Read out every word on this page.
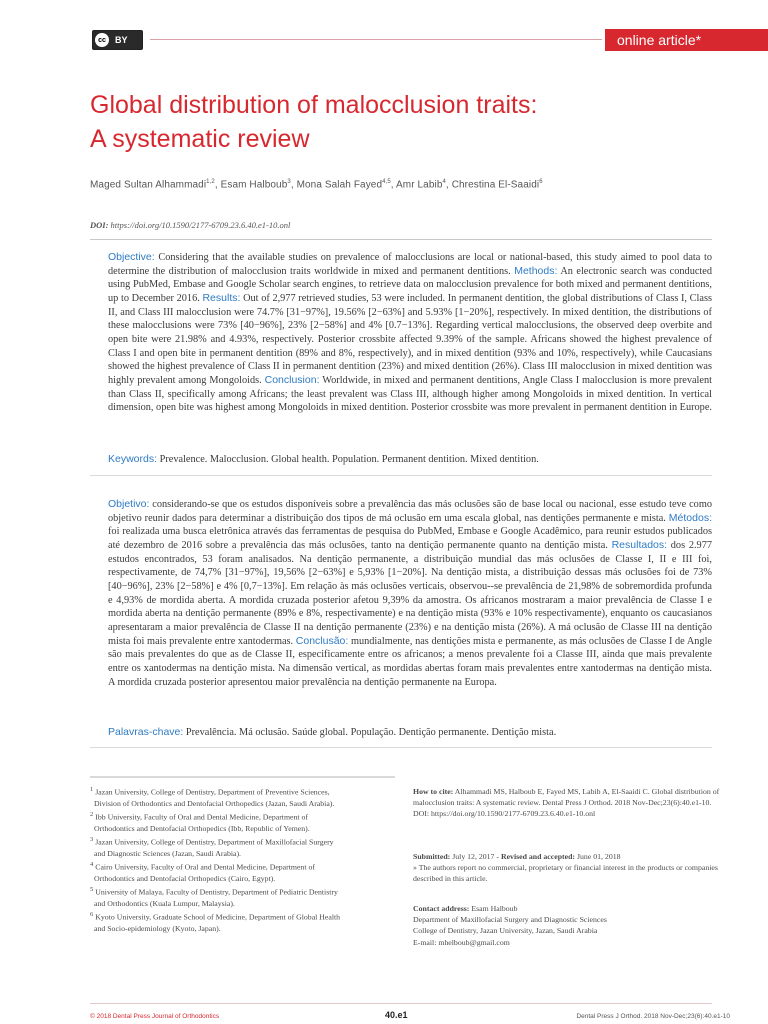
cc	BY	online article*
Global distribution of malocclusion traits:
A systematic review
Maged Sultan Alhammadi$^{1,2}$, Esam Halboub$^3$, Mona Salah Fayed$^{4,5}$, Amr Labib$^4$, Chrestina El-Saaidi$^6$
DOI: https://doi.org/10.1590/2177-6709.23.6.40.e1-10.onl
Objective: Considering that the available studies on prevalence of malocclusions are local or national-based, this study aimed to pool data to determine the distribution of malocclusion traits worldwide in mixed and permanent dentitions. Methods: An electronic search was conducted using PubMed, Embase and Google Scholar search engines, to retrieve data on malocclusion prevalence for both mixed and permanent dentitions, up to December 2016. Results: Out of 2,977 retrieved studies, 53 were included. In permanent dentition, the global distributions of Class I, Class II, and Class III malocclusion were 74.7% [31−97%], 19.56% [2−63%] and 5.93% [1−20%], respectively. In mixed dentition, the distributions of these malocclusions were 73% [40−96%], 23% [2−58%] and 4% [0.7−13%]. Regarding vertical malocclusions, the observed deep overbite and open bite were 21.98% and 4.93%, respectively. Posterior crossbite affected 9.39% of the sample. Africans showed the highest prevalence of Class I and open bite in permanent dentition (89% and 8%, respectively), and in mixed dentition (93% and 10%, respectively), while Caucasians showed the highest prevalence of Class II in permanent dentition (23%) and mixed dentition (26%). Class III malocclusion in mixed dentition was highly prevalent among Mongoloids. Conclusion: Worldwide, in mixed and permanent dentitions, Angle Class I malocclusion is more prevalent than Class II, specifically among Africans; the least prevalent was Class III, although higher among Mongoloids in mixed dentition. In vertical dimension, open bite was highest among Mongoloids in mixed dentition. Posterior crossbite was more prevalent in permanent dentition in Europe.
Keywords: Prevalence. Malocclusion. Global health. Population. Permanent dentition. Mixed dentition.
Objetivo: considerando-se que os estudos disponíveis sobre a prevalência das más oclusões são de base local ou nacional, esse estudo teve como objetivo reunir dados para determinar a distribuição dos tipos de má oclusão em uma escala global, nas dentições permanente e mista. Métodos: foi realizada uma busca eletrônica através das ferramentas de pesquisa do PubMed, Embase e Google Acadêmico, para reunir estudos publicados até dezembro de 2016 sobre a prevalência das más oclusões, tanto na dentição permanente quanto na dentição mista. Resultados: dos 2.977 estudos encontrados, 53 foram analisados. Na dentição permanente, a distribuição mundial das más oclusões de Classe I, II e III foi, respectivamente, de 74,7% [31−97%], 19,56% [2−63%] e 5,93% [1−20%]. Na dentição mista, a distribuição dessas más oclusões foi de 73% [40−96%], 23% [2−58%] e 4% [0,7−13%]. Em relação às más oclusões verticais, observou--se prevalência de 21,98% de sobremordida profunda e 4,93% de mordida aberta. A mordida cruzada posterior afetou 9,39% da amostra. Os africanos mostraram a maior prevalência de Classe I e mordida aberta na dentição permanente (89% e 8%, respectivamente) e na dentição mista (93% e 10% respectivamente), enquanto os caucasianos apresentaram a maior prevalência de Classe II na dentição permanente (23%) e na dentição mista (26%). A má oclusão de Classe III na dentição mista foi mais prevalente entre xantodermas. Conclusão: mundialmente, nas dentições mista e permanente, as más oclusões de Classe I de Angle são mais prevalentes do que as de Classe II, especificamente entre os africanos; a menos prevalente foi a Classe III, ainda que mais prevalente entre os xantodermas na dentição mista. Na dimensão vertical, as mordidas abertas foram mais prevalentes entre xantodermas na dentição mista. A mordida cruzada posterior apresentou maior prevalência na dentição permanente na Europa.
Palavras-chave: Prevalência. Má oclusão. Saúde global. População. Dentição permanente. Dentição mista.
$^1$ Jazan University, College of Dentistry, Department of Preventive Sciences,
Division of Orthodontics and Dentofacial Orthopedics (Jazan, Saudi Arabia).
$^2$ Ibb University, Faculty of Oral and Dental Medicine, Department of
Orthodontics and Dentofacial Orthopedics (Ibb, Republic of Yemen).
$^3$ Jazan University, College of Dentistry, Department of Maxillofacial Surgery
and Diagnostic Sciences (Jazan, Saudi Arabia).
$^4$ Cairo University, Faculty of Oral and Dental Medicine, Department of
Orthodontics and Dentofacial Orthopedics (Cairo, Egypt).
$^5$ University of Malaya, Faculty of Dentistry, Department of Pediatric Dentistry
and Orthodontics (Kuala Lumpur, Malaysia).
$^6$ Kyoto University, Graduate School of Medicine, Department of Global Health
and Socio-epidemiology (Kyoto, Japan).
How to cite: Alhammadi MS, Halboub E, Fayed MS, Labib A, El-Saaidi C. Global distribution of malocclusion traits: A systematic review. Dental Press J Orthod. 2018 Nov-Dec;23(6):40.e1-10.
DOI: https://doi.org/10.1590/2177-6709.23.6.40.e1-10.onl
Submitted: July 12, 2017 - Revised and accepted: June 01, 2018
» The authors report no commercial, proprietary or financial interest in the products or companies described in this article.
Contact address: Esam Halboub
Department of Maxillofacial Surgery and Diagnostic Sciences
College of Dentistry, Jazan University, Jazan, Saudi Arabia
E-mail: mhelboub@gmail.com
© 2018 Dental Press Journal of Orthodontics	40.e1	Dental Press J Orthod. 2018 Nov-Dec;23(6):40.e1-10
